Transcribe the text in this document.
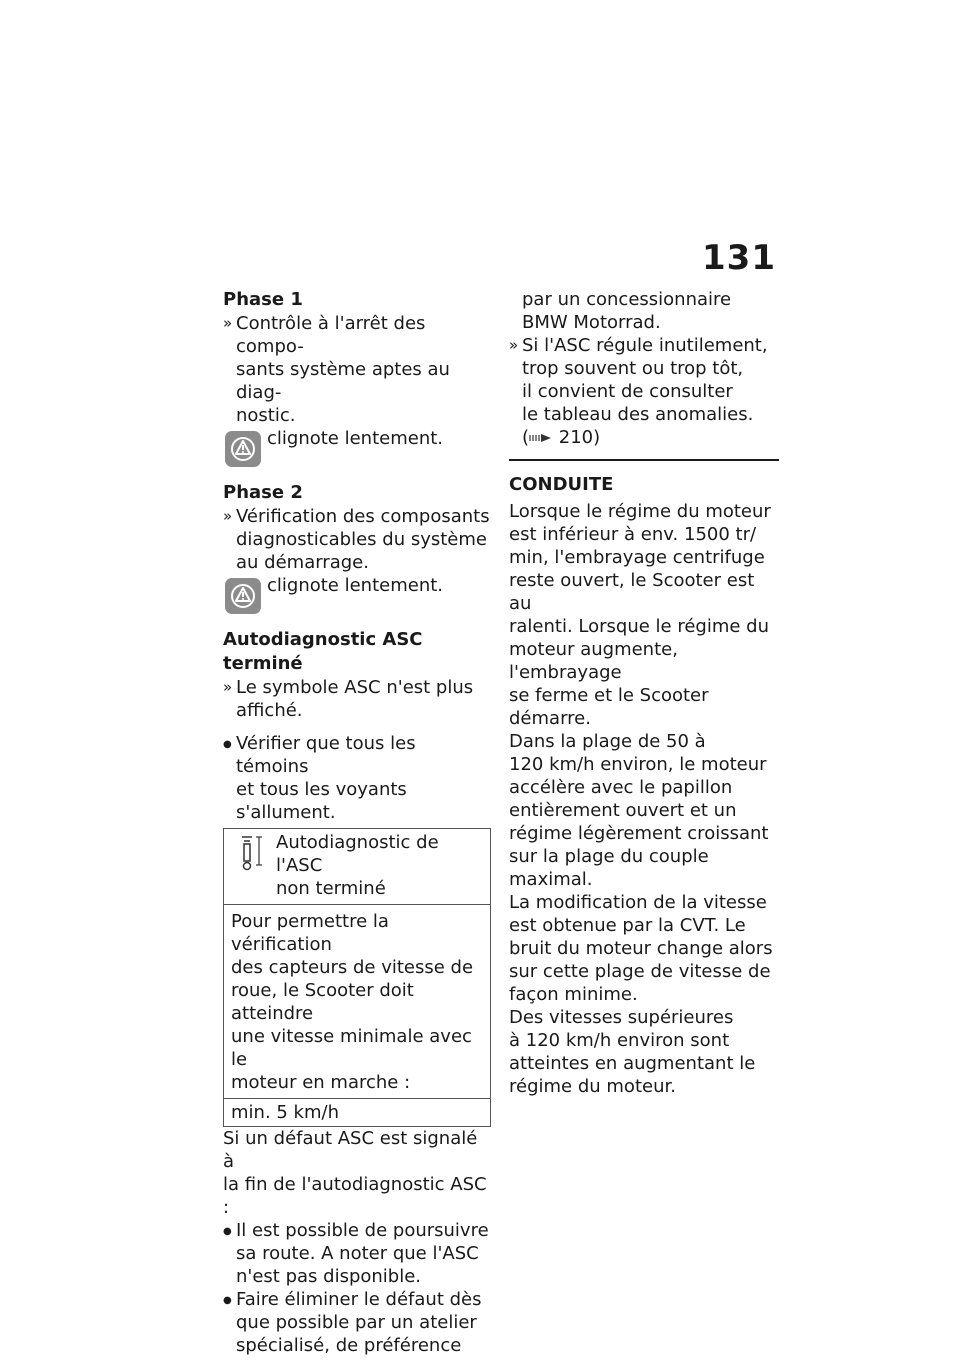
131
Phase 1
» Contrôle à l'arrêt des compo-
sants système aptes au diag-
nostic.
clignote lentement.
Phase 2
» Vérification des composants
diagnosticables du système
au démarrage.
clignote lentement.
Autodiagnostic ASC terminé
» Le symbole ASC n'est plus
affiché.
● Vérifier que tous les témoins
et tous les voyants s'allument.
Autodiagnostic de l'ASC
non terminé
Pour permettre la vérification
des capteurs de vitesse de
roue, le Scooter doit atteindre
une vitesse minimale avec le
moteur en marche :
min. 5 km/h
Si un défaut ASC est signalé à
la fin de l'autodiagnostic ASC :
● Il est possible de poursuivre
sa route. A noter que l'ASC
n'est pas disponible.
● Faire éliminer le défaut dès
que possible par un atelier
spécialisé, de préférence
par un concessionnaire
BMW Motorrad.
» Si l'ASC régule inutilement,
trop souvent ou trop tôt,
il convient de consulter
le tableau des anomalies.
( 210)
CONDUITE
Lorsque le régime du moteur
est inférieur à env. 1500 tr/
min, l'embrayage centrifuge
reste ouvert, le Scooter est au
ralenti. Lorsque le régime du
moteur augmente, l'embrayage
se ferme et le Scooter démarre.
Dans la plage de 50 à
120 km/h environ, le moteur
accélère avec le papillon
entièrement ouvert et un
régime légèrement croissant
sur la plage du couple maximal.
La modification de la vitesse
est obtenue par la CVT. Le
bruit du moteur change alors
sur cette plage de vitesse de
façon minime.
Des vitesses supérieures
à 120 km/h environ sont
atteintes en augmentant le
régime du moteur.
